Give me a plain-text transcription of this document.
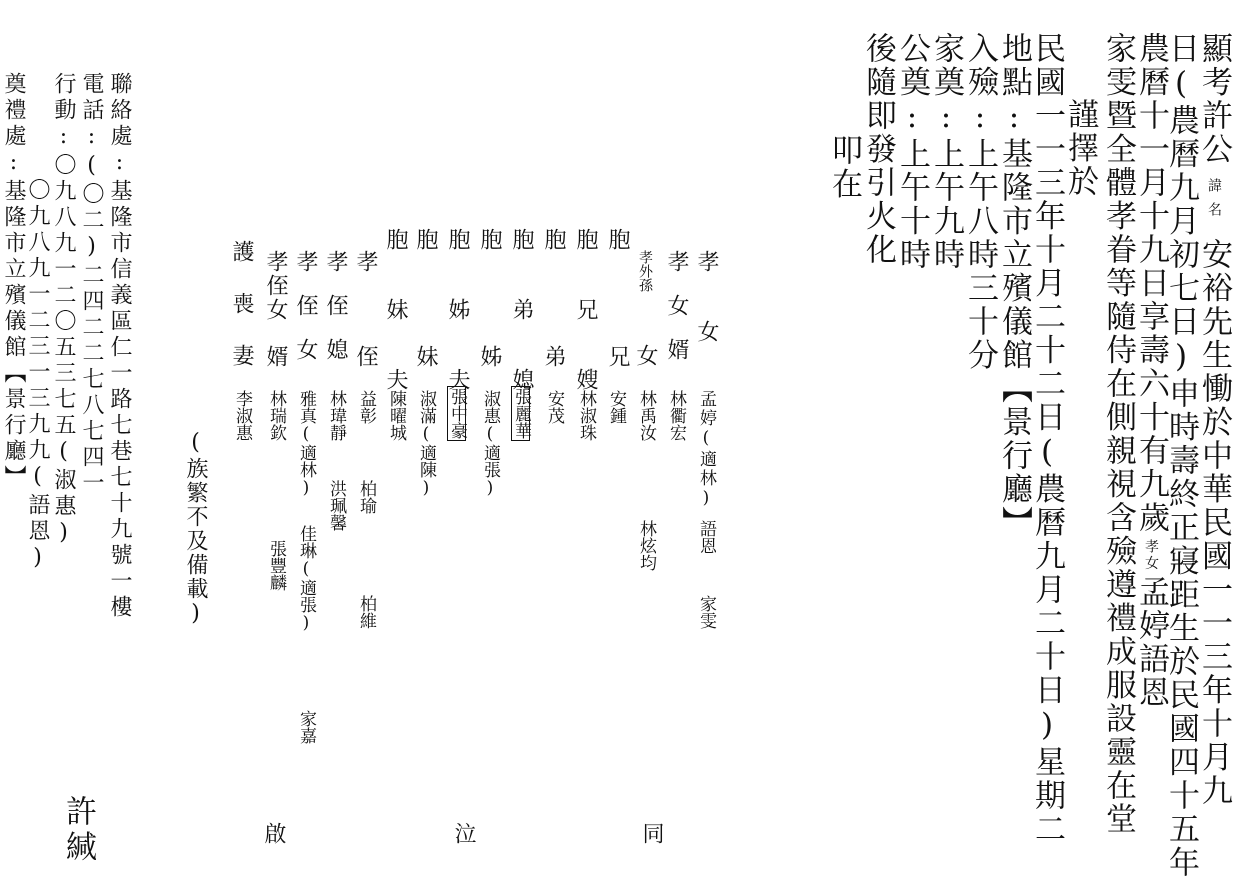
顯考許公諱名安裕先生慟於中華民國一一三年十月九
日(農曆九月初七日)申時壽終正寢距生於民國四十五年
農曆十一月十九日享壽六十有九歲孝女孟婷語恩
家雯暨全體孝眷等隨侍在側親視含殮遵禮成服設靈在堂
謹擇於
民國一一三年十月二十二日(農曆九月二十日)星期二
地點:基隆市立殯儀館【景行廳】
入殮:上午八時三十分
家奠:上午九時
公奠:上午十時
後隨即發引火化
叩在
孝女
孟婷(適林)
語恩
家雯
孝女婿
林衢宏
孝外孫
女
林禹汝
林炫均
胞
兄
安鍾
胞兄嫂
林淑珠
胞
弟
安茂
胞弟媳
張麗華
胞
姊
淑惠(適張)
胞姊夫
張中豪
胞
妹
淑滿(適陳)
胞妹夫
陳曜城
孝
侄
益彰
柏瑜
柏維
孝侄媳
林瑋靜
洪珮馨
孝侄女
雅真(適林)
佳琳(適張)
家嘉
孝侄女
婿
林瑞欽
張豐麟
護喪妻
李淑惠
(族繁不及備載)
同
泣
啟
聯絡處:基隆市信義區仁一路七巷七十九號一樓
電話:(〇二)二四二二七八七四一
行動:〇九八九一二〇五三七五(淑惠)
〇九八九一二三一三九九(語恩)
奠禮處:基隆市立殯儀館【景行廳】
許緘
